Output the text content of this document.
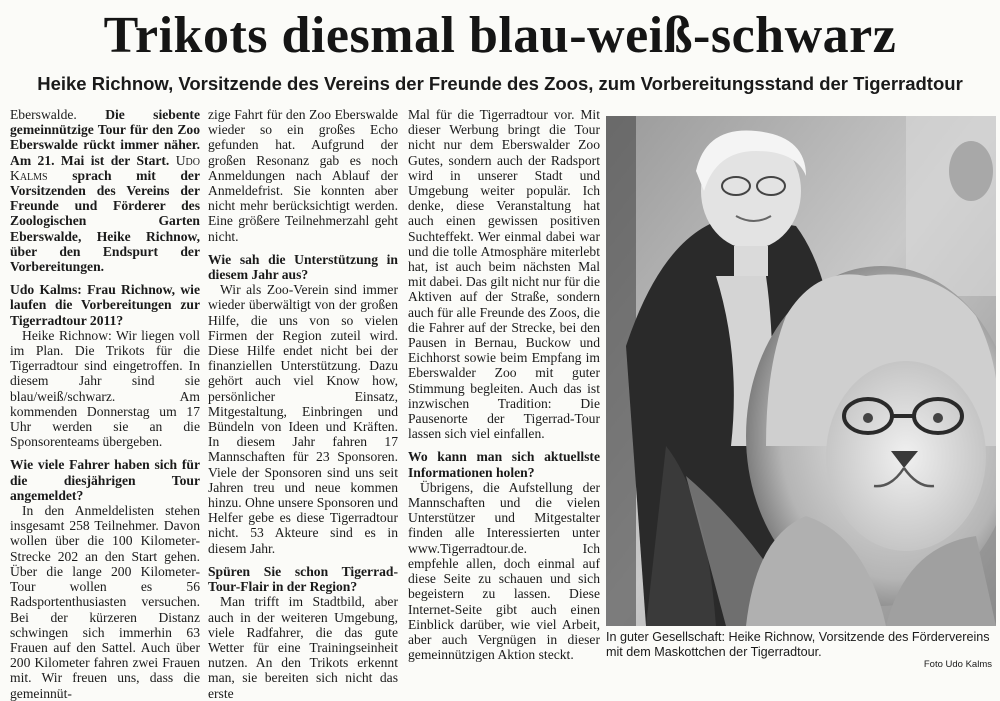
Trikots diesmal blau-weiß-schwarz
Heike Richnow, Vorsitzende des Vereins der Freunde des Zoos, zum Vorbereitungsstand der Tigerradtour

Eberswalde. Die siebente gemeinnützige Tour für den Zoo Eberswalde rückt immer näher. Am 21. Mai ist der Start. Udo Kalms sprach mit der Vorsitzenden des Vereins der Freunde und Förderer des Zoologischen Garten Eberswalde, Heike Richnow, über den Endspurt der Vorbereitungen.

Udo Kalms: Frau Richnow, wie laufen die Vorbereitungen zur Tigerradtour 2011?

Heike Richnow: Wir liegen voll im Plan. Die Trikots für die Tigerradtour sind eingetroffen. In diesem Jahr sind sie blau/weiß/schwarz. Am kommenden Donnerstag um 17 Uhr werden sie an die Sponsorenteams übergeben.

Wie viele Fahrer haben sich für die diesjährigen Tour angemeldet?

In den Anmeldelisten stehen insgesamt 258 Teilnehmer. Davon wollen über die 100 Kilometer-Strecke 202 an den Start gehen. Über die lange 200 Kilometer-Tour wollen es 56 Radsportenthusiasten versuchen. Bei der kürzeren Distanz schwingen sich immerhin 63 Frauen auf den Sattel. Auch über 200 Kilometer fahren zwei Frauen mit. Wir freuen uns, dass die gemeinnüt-

zige Fahrt für den Zoo Eberswalde wieder so ein großes Echo gefunden hat. Aufgrund der großen Resonanz gab es noch Anmeldungen nach Ablauf der Anmeldefrist. Sie konnten aber nicht mehr berücksichtigt werden. Eine größere Teilnehmerzahl geht nicht.

Wie sah die Unterstützung in diesem Jahr aus?

Wir als Zoo-Verein sind immer wieder überwältigt von der großen Hilfe, die uns von so vielen Firmen der Region zuteil wird. Diese Hilfe endet nicht bei der finanziellen Unterstützung. Dazu gehört auch viel Know how, persönlicher Einsatz, Mitgestaltung, Einbringen und Bündeln von Ideen und Kräften. In diesem Jahr fahren 17 Mannschaften für 23 Sponsoren. Viele der Sponsoren sind uns seit Jahren treu und neue kommen hinzu. Ohne unsere Sponsoren und Helfer gebe es diese Tigerradtour nicht. 53 Akteure sind es in diesem Jahr.

Spüren Sie schon Tigerrad-Tour-Flair in der Region?

Man trifft im Stadtbild, aber auch in der weiteren Umgebung, viele Radfahrer, die das gute Wetter für eine Trainingseinheit nutzen. An den Trikots erkennt man, sie bereiten sich nicht das erste

Mal für die Tigerradtour vor. Mit dieser Werbung bringt die Tour nicht nur dem Eberswalder Zoo Gutes, sondern auch der Radsport wird in unserer Stadt und Umgebung weiter populär. Ich denke, diese Veranstaltung hat auch einen gewissen positiven Suchteffekt. Wer einmal dabei war und die tolle Atmosphäre miterlebt hat, ist auch beim nächsten Mal mit dabei. Das gilt nicht nur für die Aktiven auf der Straße, sondern auch für alle Freunde des Zoos, die die Fahrer auf der Strecke, bei den Pausen in Bernau, Buckow und Eichhorst sowie beim Empfang im Eberswalder Zoo mit guter Stimmung begleiten. Auch das ist inzwischen Tradition: Die Pausenorte der Tigerrad-Tour lassen sich viel einfallen.

Wo kann man sich aktuellste Informationen holen?

Übrigens, die Aufstellung der Mannschaften und die vielen Unterstützer und Mitgestalter finden alle Interessierten unter www.Tigerradtour.de. Ich empfehle allen, doch einmal auf diese Seite zu schauen und sich begeistern zu lassen. Diese Internet-Seite gibt auch einen Einblick darüber, wie viel Arbeit, aber auch Vergnügen in dieser gemeinnützigen Aktion steckt.

In guter Gesellschaft: Heike Richnow, Vorsitzende des Fördervereins mit dem Maskottchen der Tigerradtour.
Foto Udo Kalms
